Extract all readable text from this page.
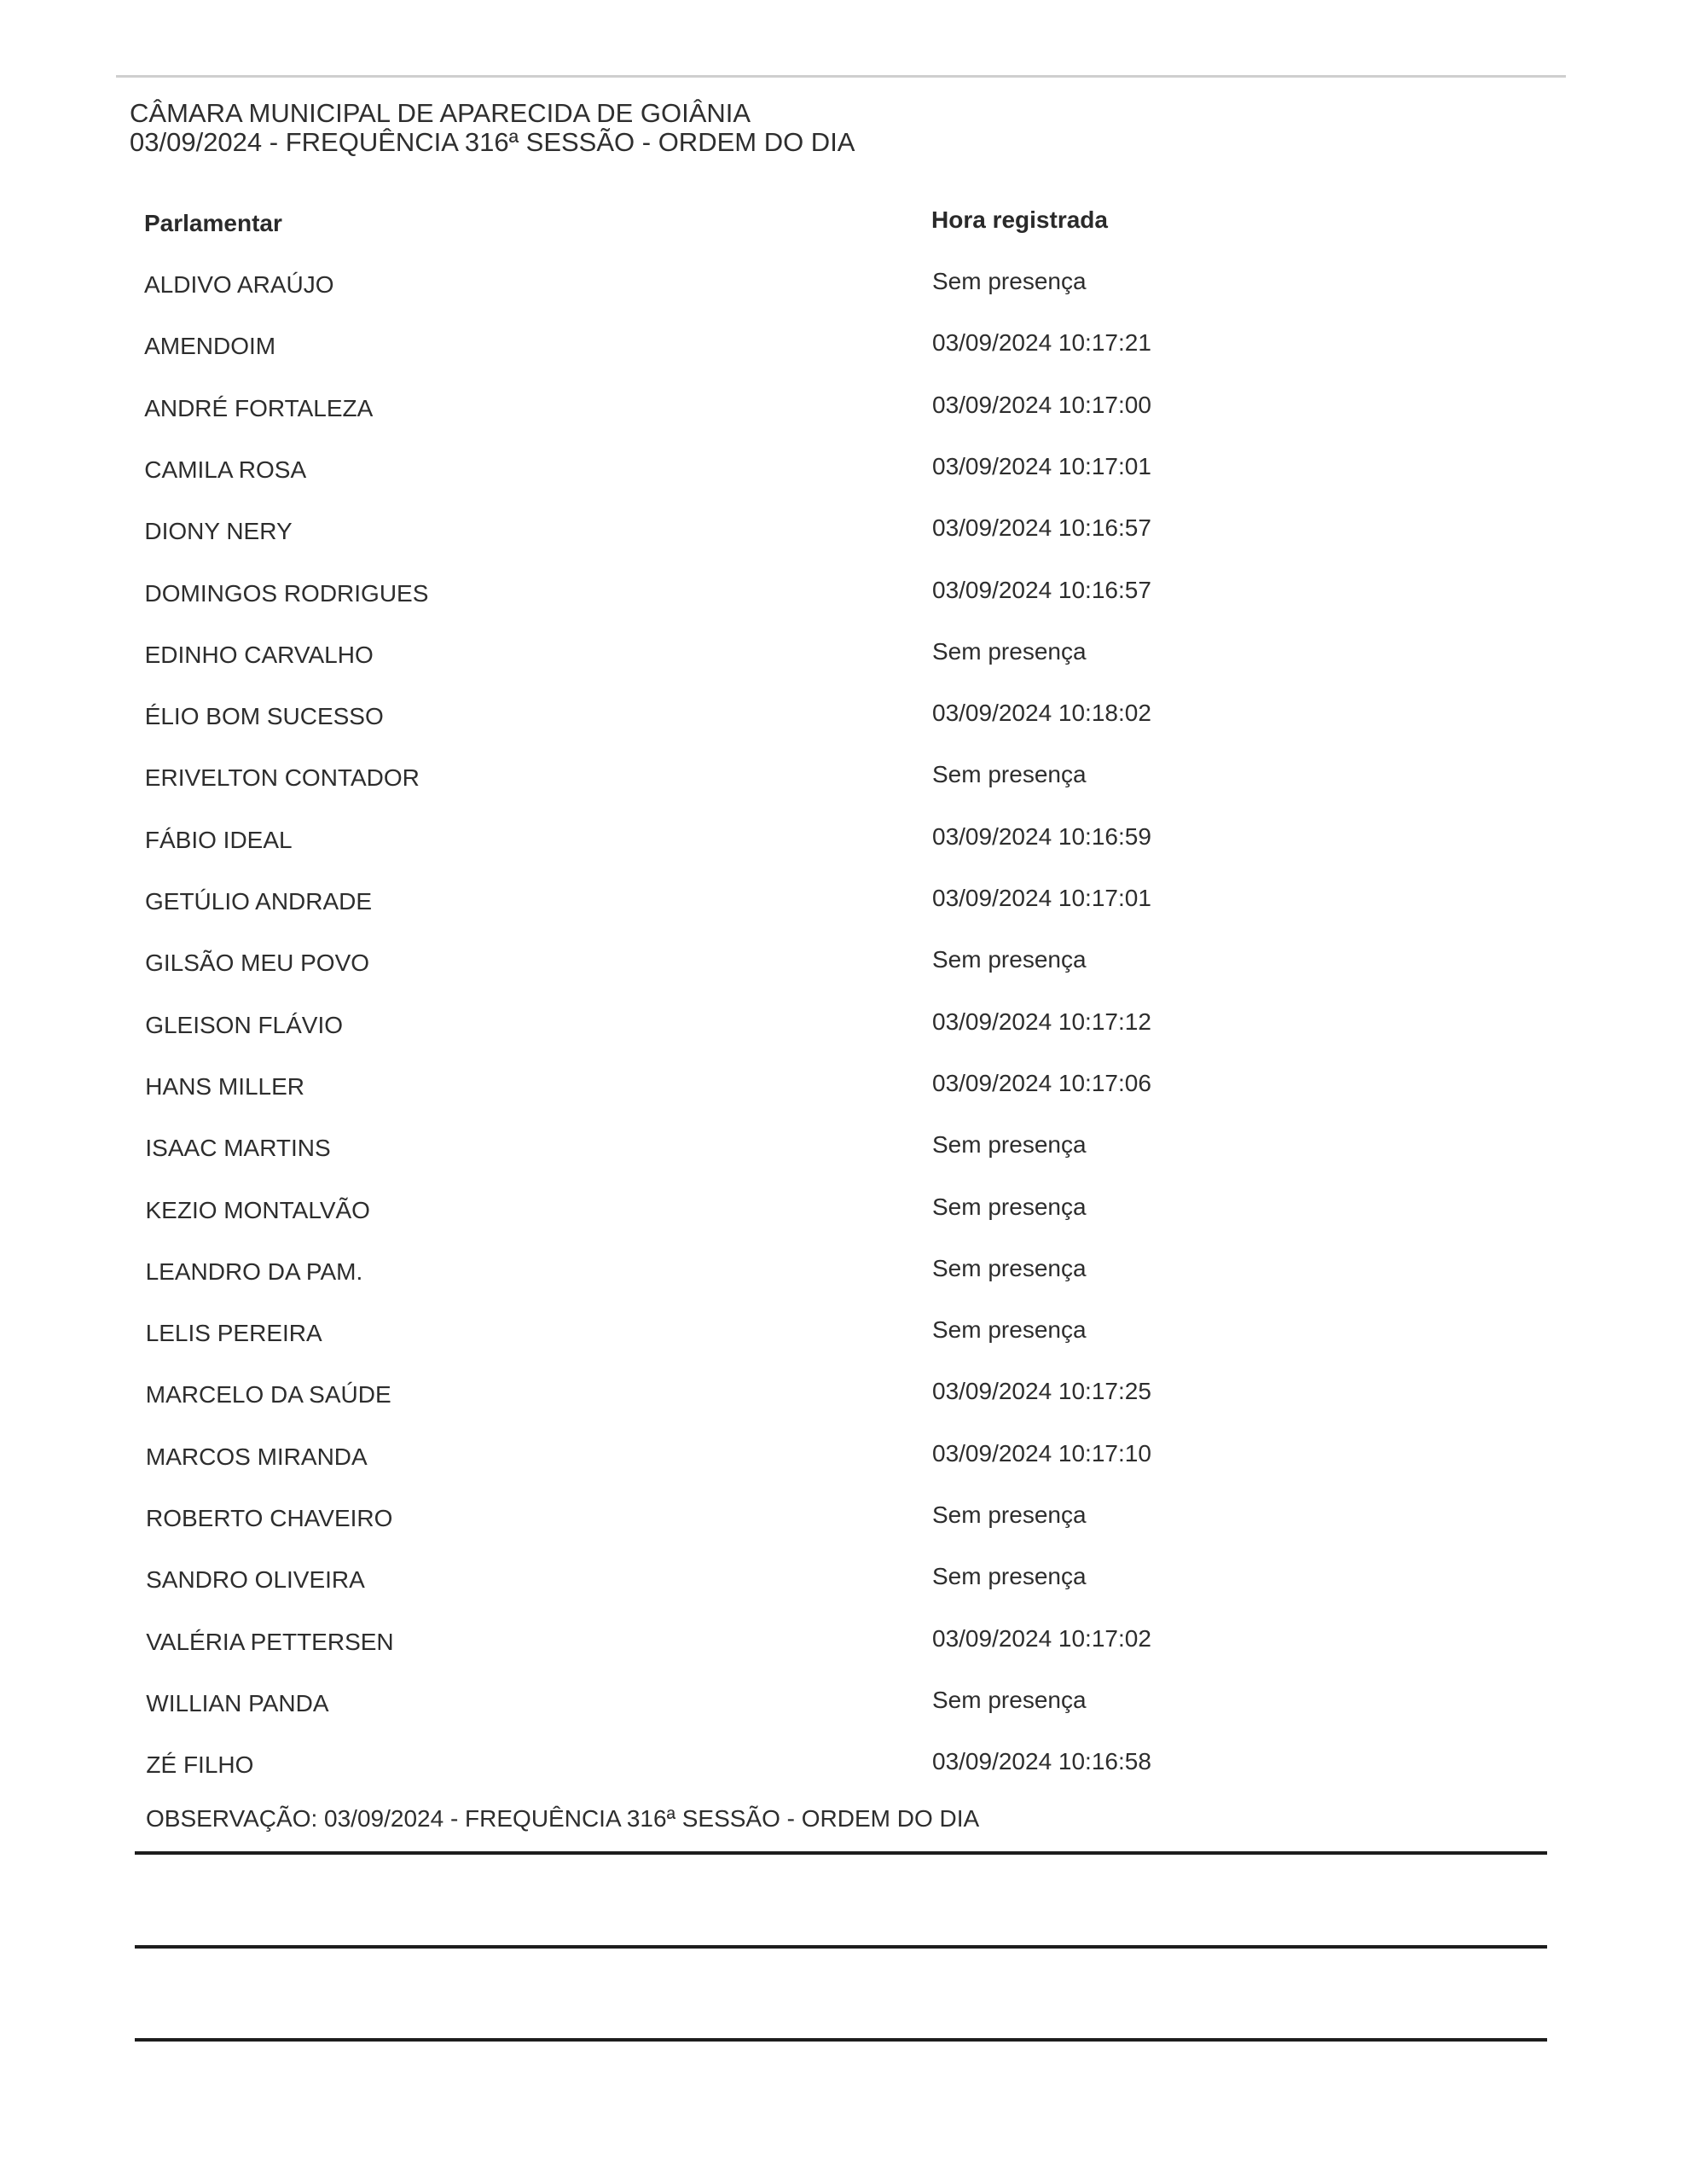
CÂMARA MUNICIPAL DE APARECIDA DE GOIÂNIA
03/09/2024 - FREQUÊNCIA 316ª SESSÃO - ORDEM DO DIA
Parlamentar	Hora registrada
ALDIVO ARAÚJO	Sem presença
AMENDOIM	03/09/2024 10:17:21
ANDRÉ FORTALEZA	03/09/2024 10:17:00
CAMILA ROSA	03/09/2024 10:17:01
DIONY NERY	03/09/2024 10:16:57
DOMINGOS RODRIGUES	03/09/2024 10:16:57
EDINHO CARVALHO	Sem presença
ÉLIO BOM SUCESSO	03/09/2024 10:18:02
ERIVELTON CONTADOR	Sem presença
FÁBIO IDEAL	03/09/2024 10:16:59
GETÚLIO ANDRADE	03/09/2024 10:17:01
GILSÃO MEU POVO	Sem presença
GLEISON FLÁVIO	03/09/2024 10:17:12
HANS MILLER	03/09/2024 10:17:06
ISAAC MARTINS	Sem presença
KEZIO MONTALVÃO	Sem presença
LEANDRO DA PAM.	Sem presença
LELIS PEREIRA	Sem presença
MARCELO DA SAÚDE	03/09/2024 10:17:25
MARCOS MIRANDA	03/09/2024 10:17:10
ROBERTO CHAVEIRO	Sem presença
SANDRO OLIVEIRA	Sem presença
VALÉRIA PETTERSEN	03/09/2024 10:17:02
WILLIAN PANDA	Sem presença
ZÉ FILHO	03/09/2024 10:16:58
OBSERVAÇÃO: 03/09/2024 - FREQUÊNCIA 316ª SESSÃO - ORDEM DO DIA
